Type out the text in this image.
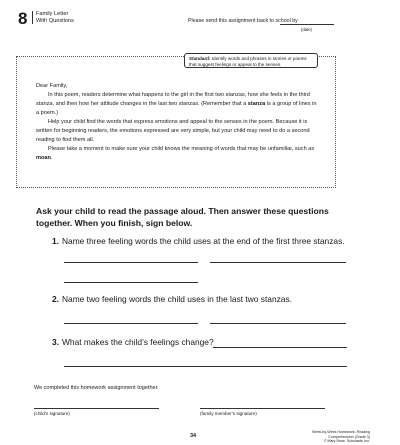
8 Family Letter
With Questions	Please send this assignment back to school by
(date)
Standard: Identify words and phrases in stories or poems that suggest feelings or appeal to the senses.

Dear Family,

In this poem, readers determine what happens to the girl in the first two stanzas, how she feels in the third stanza, and then how her attitude changes in the last two stanzas. (Remember that a stanza is a group of lines in a poem.)

Help your child find the words that express emotions and appeal to the senses in the poem. Because it is written for beginning readers, the emotions expressed are very simple, but your child may need to do a second reading to find them all.

Please take a moment to make sure your child knows the meaning of words that may be unfamiliar, such as moan.

Ask your child to read the passage aloud. Then answer these questions together. When you finish, sign below.
1. Name three feeling words the child uses at the end of the first three stanzas.
2. Name two feeling words the child uses in the last two stanzas.
3. What makes the child’s feelings change?
We completed this homework assignment together.
(child’s signature)	(family member’s signature)
34
Week-by-Week Homework: Reading Comprehension (Grade 3)
© Mary Rose, Scholastic Inc.
